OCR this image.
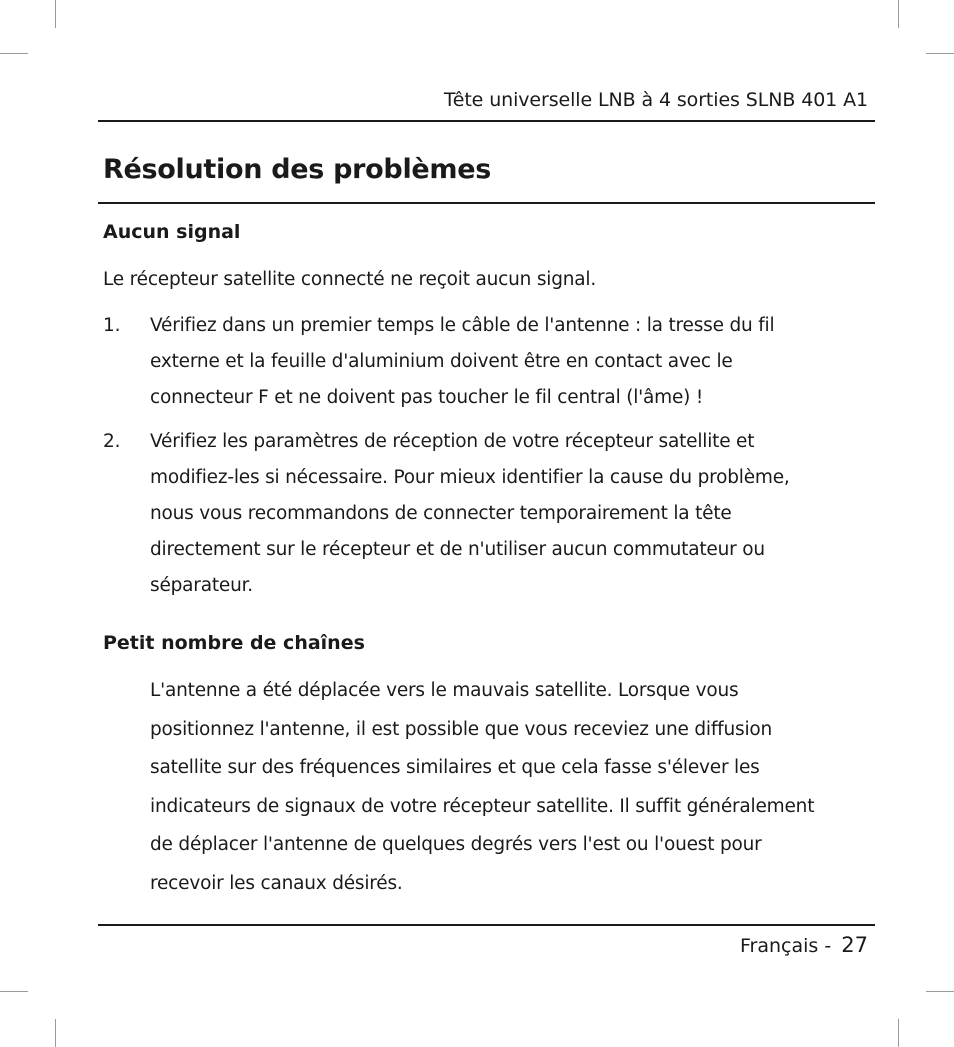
Tête universelle LNB à 4 sorties SLNB 401 A1
Résolution des problèmes
Aucun signal

Le récepteur satellite connecté ne reçoit aucun signal.

1. Vérifiez dans un premier temps le câble de l'antenne : la tresse du fil
externe et la feuille d'aluminium doivent être en contact avec le
connecteur F et ne doivent pas toucher le fil central (l'âme) !
2. Vérifiez les paramètres de réception de votre récepteur satellite et
modifiez-les si nécessaire. Pour mieux identifier la cause du problème,
nous vous recommandons de connecter temporairement la tête
directement sur le récepteur et de n'utiliser aucun commutateur ou
séparateur.
Petit nombre de chaînes
L'antenne a été déplacée vers le mauvais satellite. Lorsque vous
positionnez l'antenne, il est possible que vous receviez une diffusion
satellite sur des fréquences similaires et que cela fasse s'élever les
indicateurs de signaux de votre récepteur satellite. Il suffit généralement
de déplacer l'antenne de quelques degrés vers l'est ou l'ouest pour
recevoir les canaux désirés.
Français - 27
